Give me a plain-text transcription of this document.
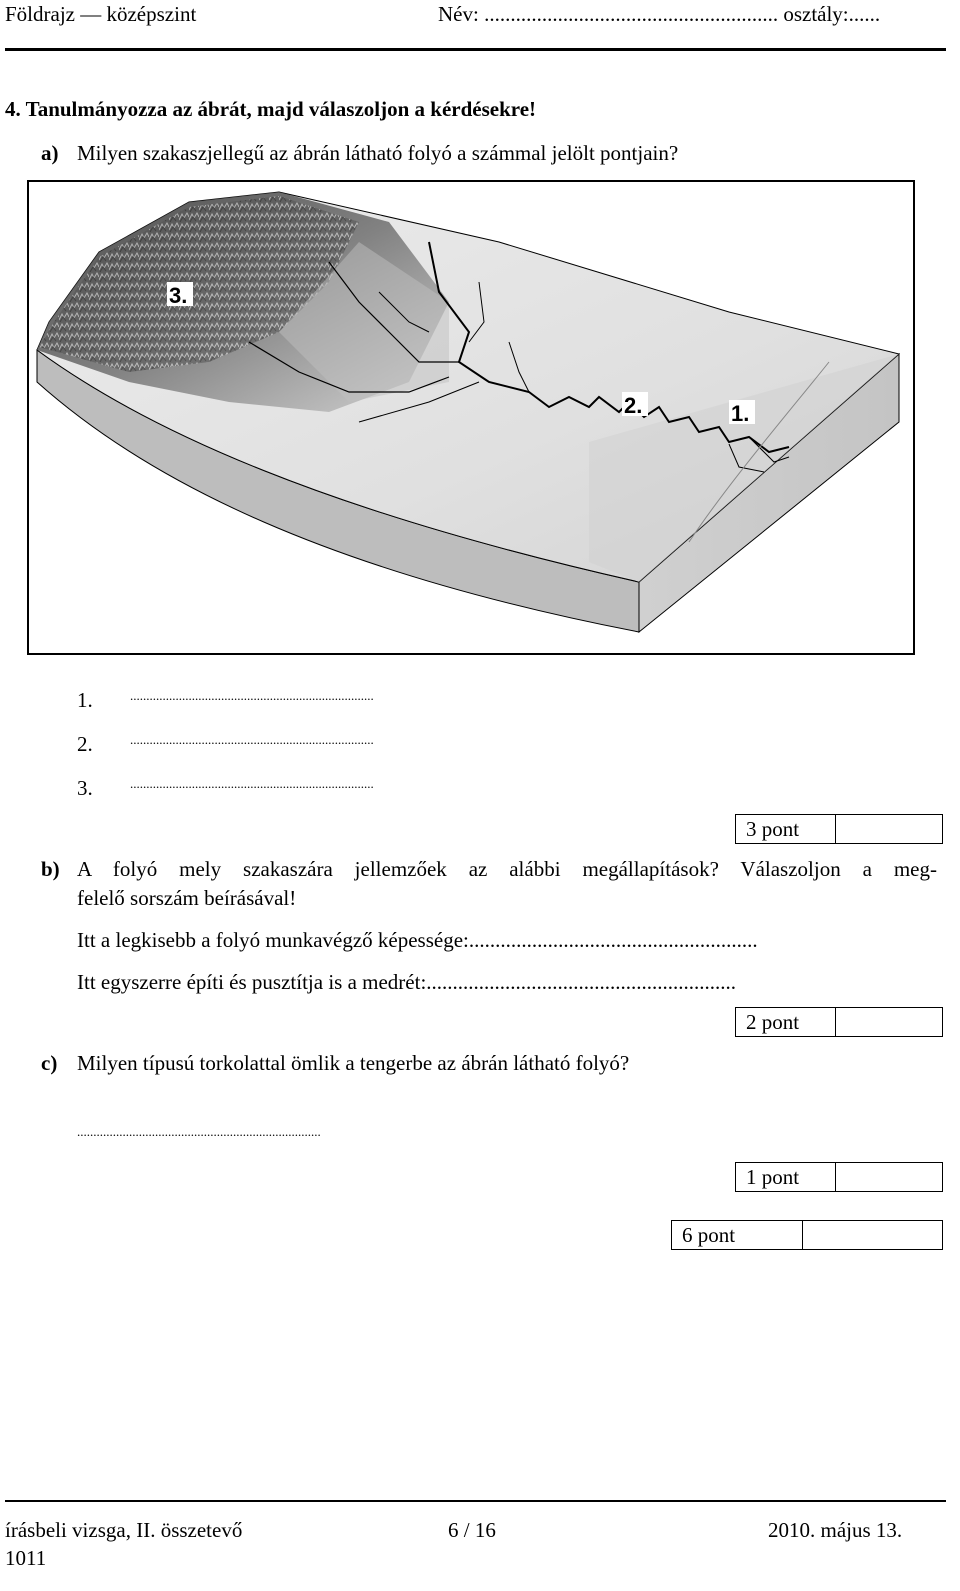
Földrajz — középszint	Név: ........................................................ osztály:......
4. Tanulmányozza az ábrát, majd válaszoljon a kérdésekre!
a) Milyen szakaszjellegű az ábrán látható folyó a számmal jelölt pontjain?
3.
2.	1.
1.	...........................................................................
2.	...........................................................................
3.	...........................................................................
3 pont
b) A folyó mely szakaszára jellemzőek az alábbi megállapítások? Válaszoljon a meg-
felelő sorszám beírásával!
Itt a legkisebb a folyó munkavégző képessége:.......................................................
Itt egyszerre építi és pusztítja is a medrét:...........................................................
2 pont
c) Milyen típusú torkolattal ömlik a tengerbe az ábrán látható folyó?
...........................................................................
1 pont
6 pont
írásbeli vizsga, II. összetevő
1011
6 / 16	2010. május 13.
